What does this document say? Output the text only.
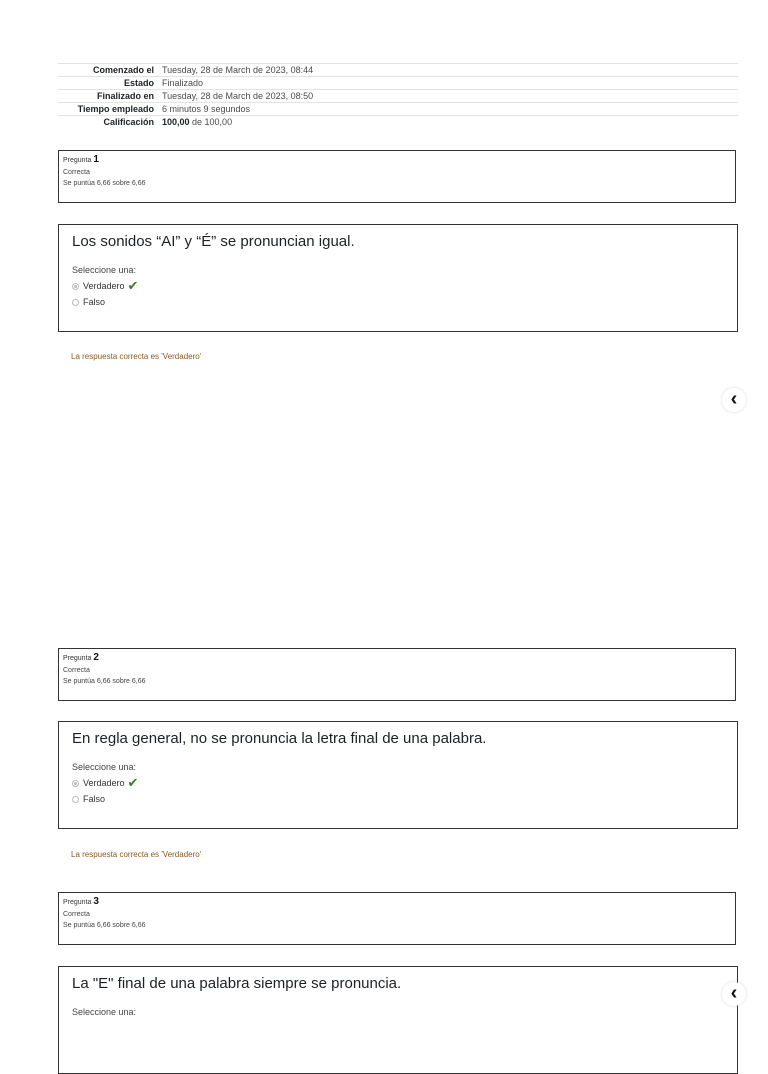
Comenzado el	Tuesday, 28 de March de 2023, 08:44
Estado	Finalizado
Finalizado en	Tuesday, 28 de March de 2023, 08:50
Tiempo empleado	6 minutos 9 segundos
Calificación	100,00 de 100,00
Pregunta 1
Correcta
Se puntúa 6,66 sobre 6,66
Los sonidos “AI” y “É” se pronuncian igual.
Seleccione una:
Verdadero ✔
Falso
La respuesta correcta es 'Verdadero'
‹
Pregunta 2
Correcta
Se puntúa 6,66 sobre 6,66
En regla general, no se pronuncia la letra final de una palabra.
Seleccione una:
Verdadero ✔
Falso
La respuesta correcta es 'Verdadero'
Pregunta 3
Correcta
Se puntúa 6,66 sobre 6,66
La "E" final de una palabra siempre se pronuncia.
Seleccione una:
‹
